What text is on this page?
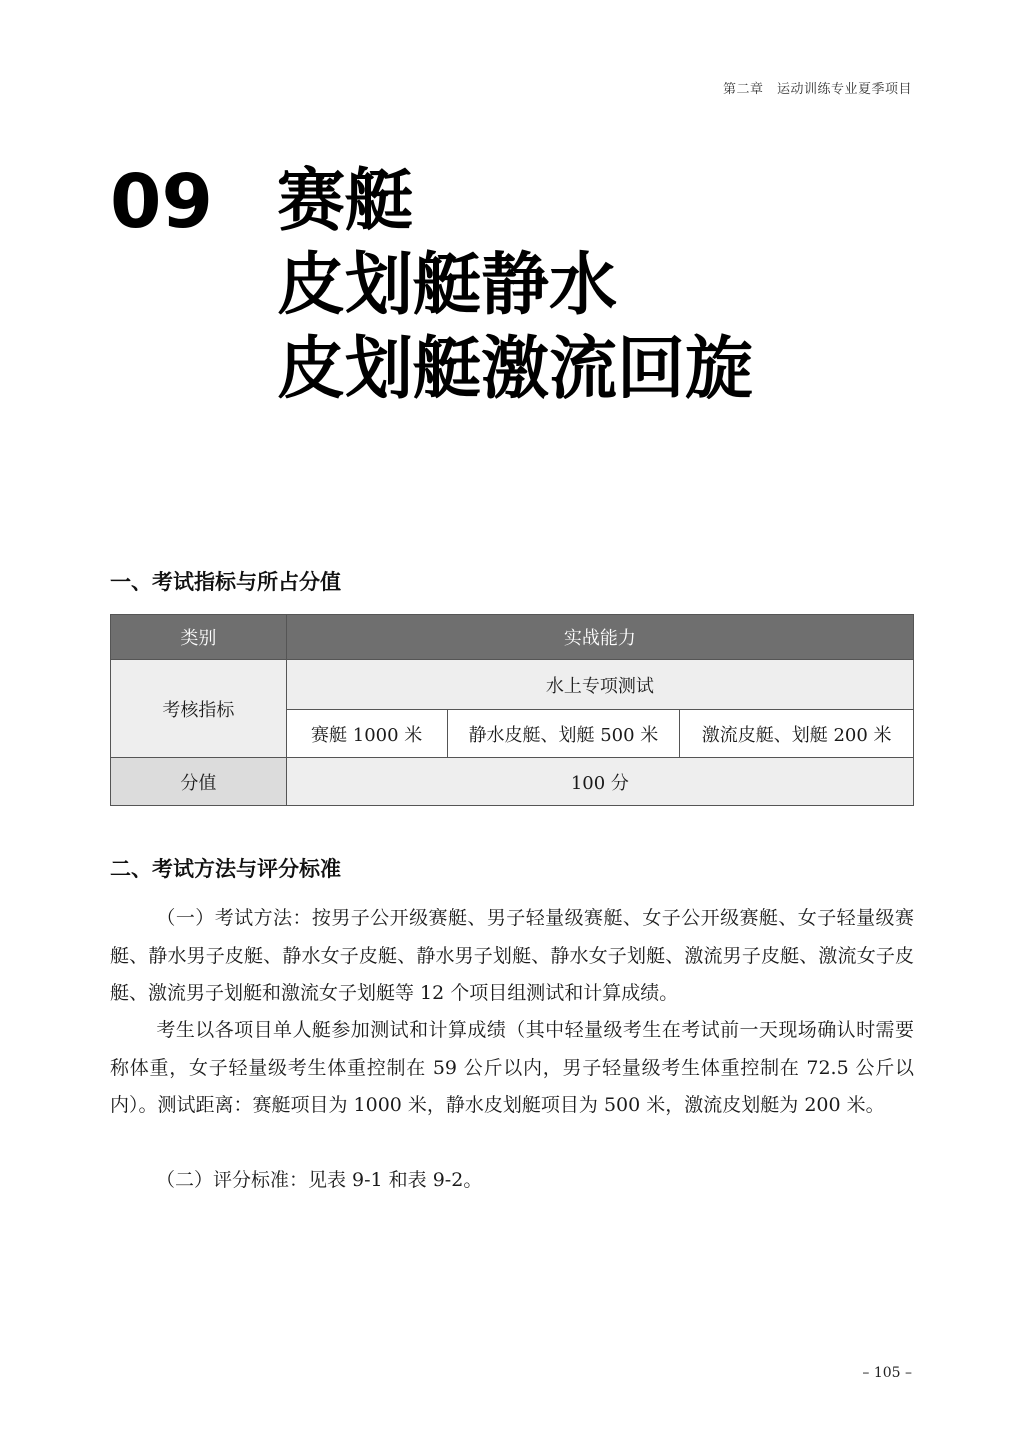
第二章　运动训练专业夏季项目
09 赛艇
皮划艇静水
皮划艇激流回旋
一、考试指标与所占分值
类别	实战能力		
考核指标	水上专项测试		
	赛艇 1000 米	静水皮艇、划艇 500 米	激流皮艇、划艇 200 米
分值	100 分		
二、考试方法与评分标准
（一）考试方法：按男子公开级赛艇、男子轻量级赛艇、女子公开级赛艇、女子轻量级赛艇、静水男子皮艇、静水女子皮艇、静水男子划艇、静水女子划艇、激流男子皮艇、激流女子皮艇、激流男子划艇和激流女子划艇等 12 个项目组测试和计算成绩。
考生以各项目单人艇参加测试和计算成绩（其中轻量级考生在考试前一天现场确认时需要称体重，女子轻量级考生体重控制在 59 公斤以内，男子轻量级考生体重控制在 72.5 公斤以内）。测试距离：赛艇项目为 1000 米，静水皮划艇项目为 500 米，激流皮划艇为 200 米。
（二）评分标准：见表 9-1 和表 9-2。
– 105 –
